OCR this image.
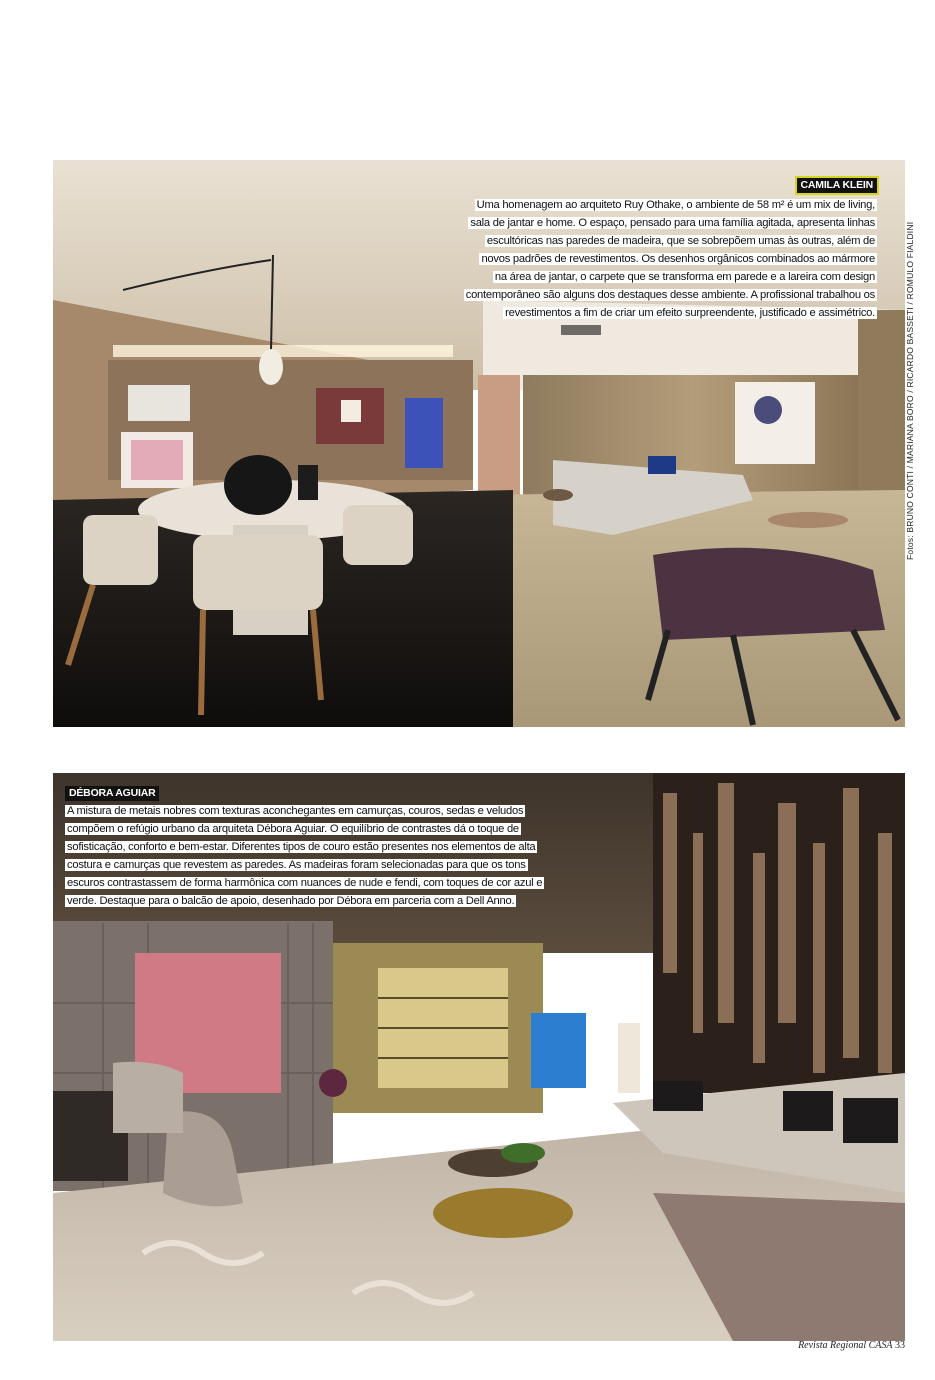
CAMILA KLEIN
Uma homenagem ao arquiteto Ruy Othake, o ambiente de 58 m² é um mix de living,
sala de jantar e home. O espaço, pensado para uma família agitada, apresenta linhas
escultóricas nas paredes de madeira, que se sobrepõem umas às outras, além de
novos padrões de revestimentos. Os desenhos orgânicos combinados ao mármore
na área de jantar, o carpete que se transforma em parede e a lareira com design
contemporâneo são alguns dos destaques desse ambiente. A profissional trabalhou os
revestimentos a fim de criar um efeito surpreendente, justificado e assimétrico.	Fotos: BRUNO CONTI / MARIANA BORO / RICARDO BASSETI / ROMULO FIALDINI
DÉBORA AGUIAR
A mistura de metais nobres com texturas aconchegantes em camurças, couros, sedas e veludos
compõem o refúgio urbano da arquiteta Débora Aguiar. O equilíbrio de contrastes dá o toque de
sofisticação, conforto e bem-estar. Diferentes tipos de couro estão presentes nos elementos de alta
costura e camurças que revestem as paredes. As madeiras foram selecionadas para que os tons
escuros contrastassem de forma harmônica com nuances de nude e fendi, com toques de cor azul e
verde. Destaque para o balcão de apoio, desenhado por Débora em parceria com a Dell Anno.
Revista Regional CASA 33
